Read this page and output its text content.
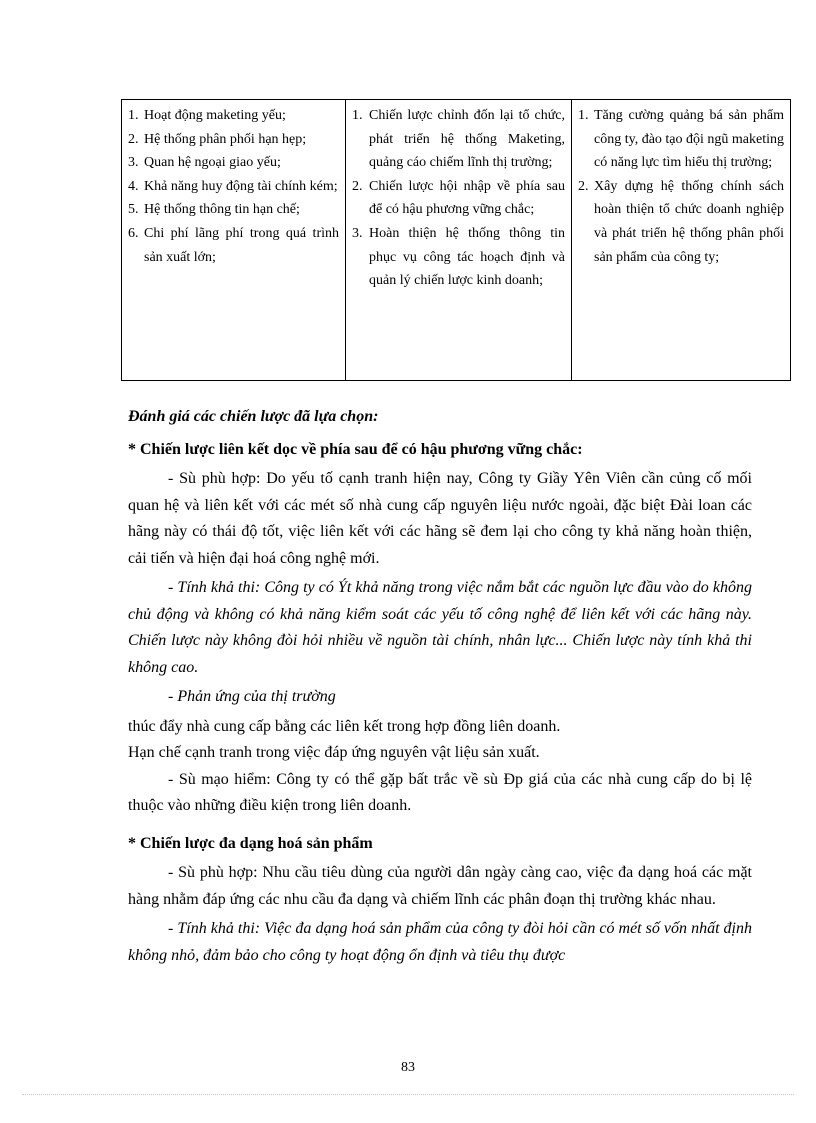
1. Hoạt động maketing yếu;
2. Hệ thống phân phối hạn hẹp;
3. Quan hệ ngoại giao yếu;
4. Khả năng huy động tài chính kém;
5. Hệ thống thông tin hạn chế;
6. Chi phí lãng phí trong quá trình sản xuất lớn;

1. Chiến lược chỉnh đốn lại tổ chức, phát triển hệ thống Maketing, quảng cáo chiếm lĩnh thị trường;
2. Chiến lược hội nhập về phía sau để có hậu phương vững chắc;
3. Hoàn thiện hệ thống thông tin phục vụ công tác hoạch định và quản lý chiến lược kinh doanh;

1. Tăng cường quảng bá sản phẩm công ty, đào tạo đội ngũ maketing có năng lực tìm hiểu thị trường;
2. Xây dựng hệ thống chính sách hoàn thiện tổ chức doanh nghiệp và phát triển hệ thống phân phối sản phẩm của công ty;

Đánh giá các chiến lược đã lựa chọn:

* Chiến lược liên kết dọc về phía sau để có hậu phương vững chắc:

- Sù phù hợp: Do yếu tố cạnh tranh hiện nay, Công ty Giầy Yên Viên cần củng cố mối quan hệ và liên kết với các mét số nhà cung cấp nguyên liệu nước ngoài, đặc biệt Đài loan các hãng này có thái độ tốt, việc liên kết với các hãng sẽ đem lại cho công ty khả năng hoàn thiện, cải tiến và hiện đại hoá công nghệ mới.

- Tính khả thi: Công ty có Ýt khả năng trong việc nắm bắt các nguồn lực đầu vào do không chủ động và không có khả năng kiểm soát các yếu tố công nghệ để liên kết với các hãng này. Chiến lược này không đòi hỏi nhiều về nguồn tài chính, nhân lực... Chiến lược này tính khả thi không cao.

- Phản ứng của thị trường

thúc đẩy nhà cung cấp bằng các liên kết trong hợp đồng liên doanh.

Hạn chế cạnh tranh trong việc đáp ứng nguyên vật liệu sản xuất.

- Sù mạo hiểm: Công ty có thể gặp bất trắc về sù Đp giá của các nhà cung cấp do bị lệ thuộc vào những điều kiện trong liên doanh.

* Chiến lược đa dạng hoá sản phẩm

- Sù phù hợp: Nhu cầu tiêu dùng của người dân ngày càng cao, việc đa dạng hoá các mặt hàng nhằm đáp ứng các nhu cầu đa dạng và chiếm lĩnh các phân đoạn thị trường khác nhau.

- Tính khả thi: Việc đa dạng hoá sản phẩm của công ty đòi hỏi cần có mét số vốn nhất định không nhỏ, đảm bảo cho công ty hoạt động ổn định và tiêu thụ được

83
